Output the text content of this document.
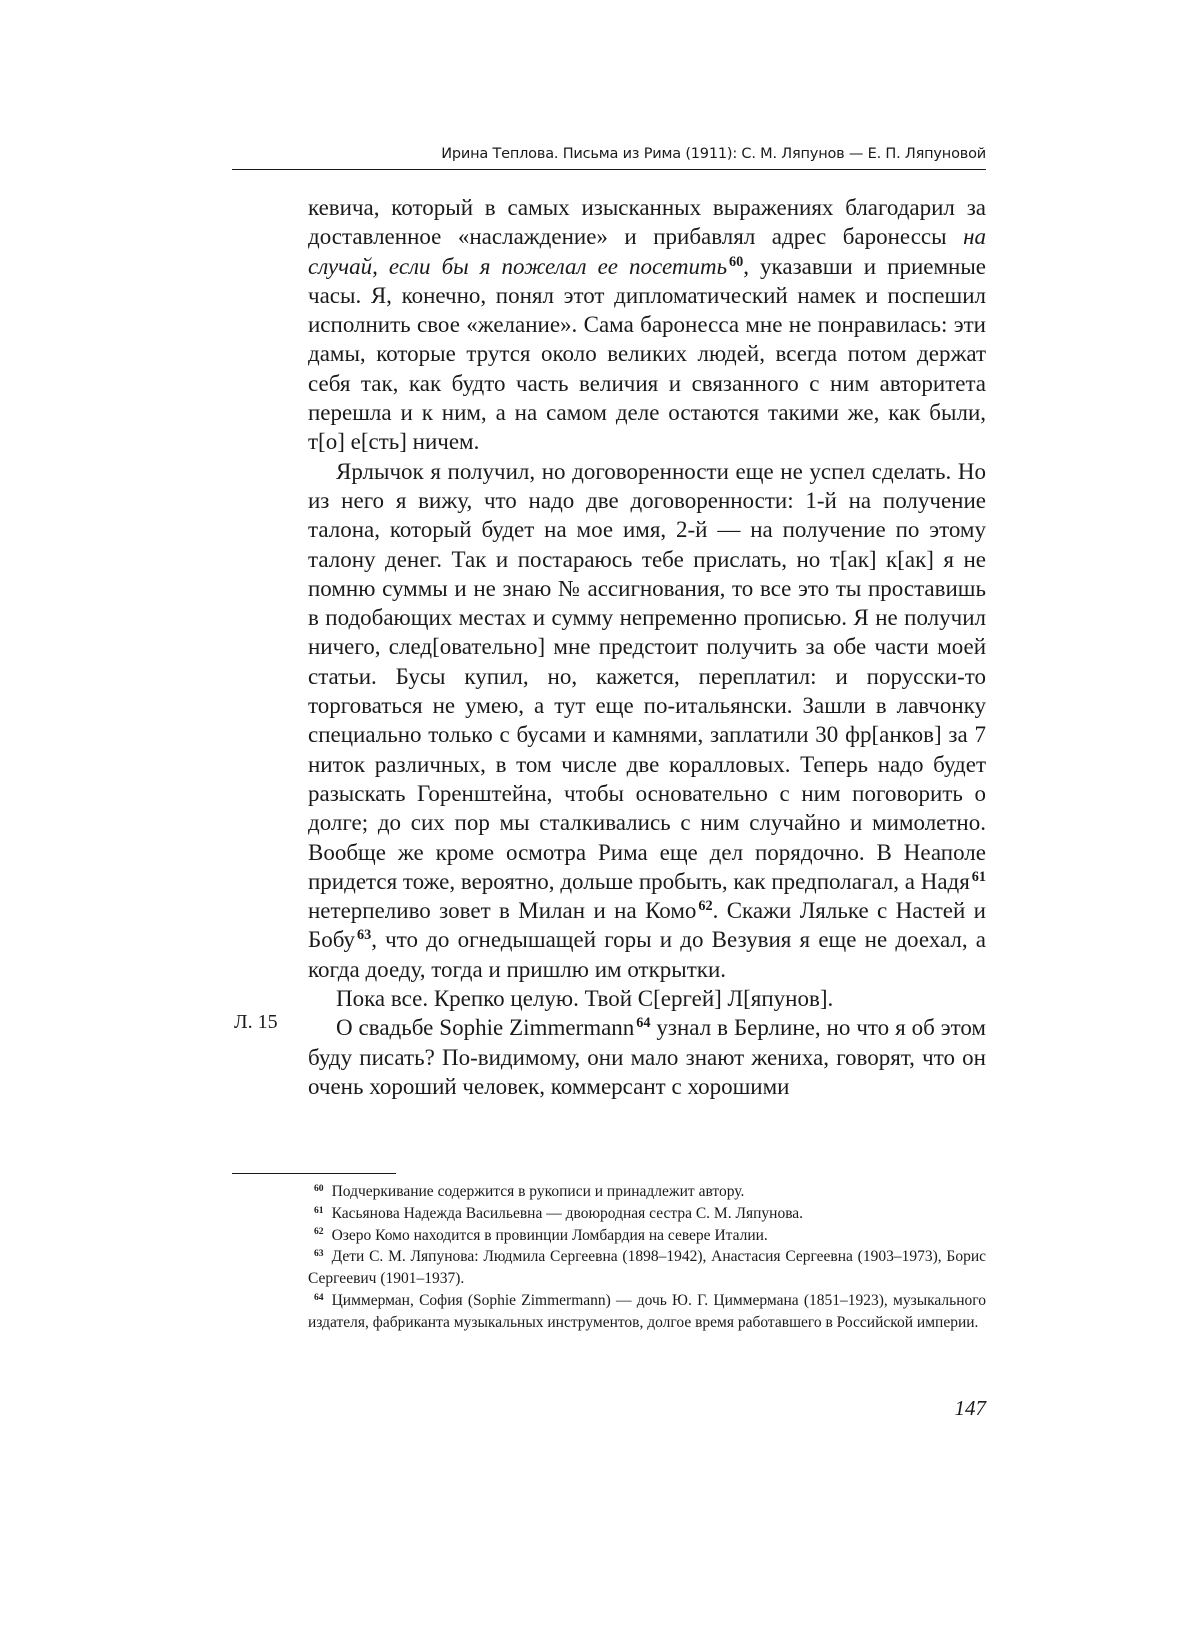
Ирина Теплова. Письма из Рима (1911): С. М. Ляпунов — Е. П. Ляпуновой

кевича, который в самых изысканных выражениях благодарил за доставленное «наслаждение» и прибавлял адрес баронессы на случай, если бы я пожелал ее посетить  $^{60}$, указавши и приемные часы. Я, конечно, понял этот дипломатический намек и поспешил исполнить свое «желание». Сама баронесса мне не понравилась: эти дамы, которые трутся около великих людей, всегда потом держат себя так, как будто часть величия и связанного с ним авторитета перешла и к ним, а на самом деле остаются такими же, как были, т[о] е[сть] ничем.

Ярлычок я получил, но договоренности еще не успел сделать. Но из него я вижу, что надо две договоренности: 1-й на получение талона, который будет на мое имя, 2-й — на получение по этому талону денег. Так и постараюсь тебе прислать, но т[ак] к[ак] я не помню суммы и не знаю № ассигнования, то все это ты проставишь в подобающих местах и сумму непременно прописью. Я не получил ничего, след[овательно] мне предстоит получить за обе части моей статьи. Бусы купил, но, кажется, переплатил: и порусски-то торговаться не умею, а тут еще по-итальянски. Зашли в лавчонку специально только с бусами и камнями, заплатили 30 фр[анков] за 7 ниток различных, в том числе две коралловых. Теперь надо будет разыскать Горенштейна, чтобы основательно с ним поговорить о долге; до сих пор мы сталкивались с ним случайно и мимолетно. Вообще же кроме осмотра Рима еще дел порядочно. В Неаполе придется тоже, вероятно, дольше пробыть, как предполагал, а Надя  $^{61}$ нетерпеливо зовет в Милан и на Комо  $^{62}$. Скажи Ляльке с Настей и Бобу  $^{63}$, что до огнедышащей горы и до Везувия я еще не доехал, а когда доеду, тогда и пришлю им открытки.

Пока все. Крепко целую. Твой С[ергей] Л[япунов].

О свадьбе Sophie Zimmermann  $^{64}$ узнал в Берлине, но что я об этом буду писать? По-видимому, они мало знают жениха, говорят, что он очень хороший человек, коммерсант с хорошими

Л. 15

$^{60}$ Подчеркивание содержится в рукописи и принадлежит автору.

$^{61}$ Касьянова Надежда Васильевна — двоюродная сестра С. М. Ляпунова.

$^{62}$ Озеро Комо находится в провинции Ломбардия на севере Италии.

$^{63}$ Дети С. М. Ляпунова: Людмила Сергеевна (1898–1942), Анастасия Сергеевна (1903–1973), Борис Сергеевич (1901–1937).

$^{64}$ Циммерман, София (Sophie Zimmermann) — дочь Ю. Г. Циммермана (1851–1923), музыкального издателя, фабриканта музыкальных инструментов, долгое время работавшего в Российской империи.

147
